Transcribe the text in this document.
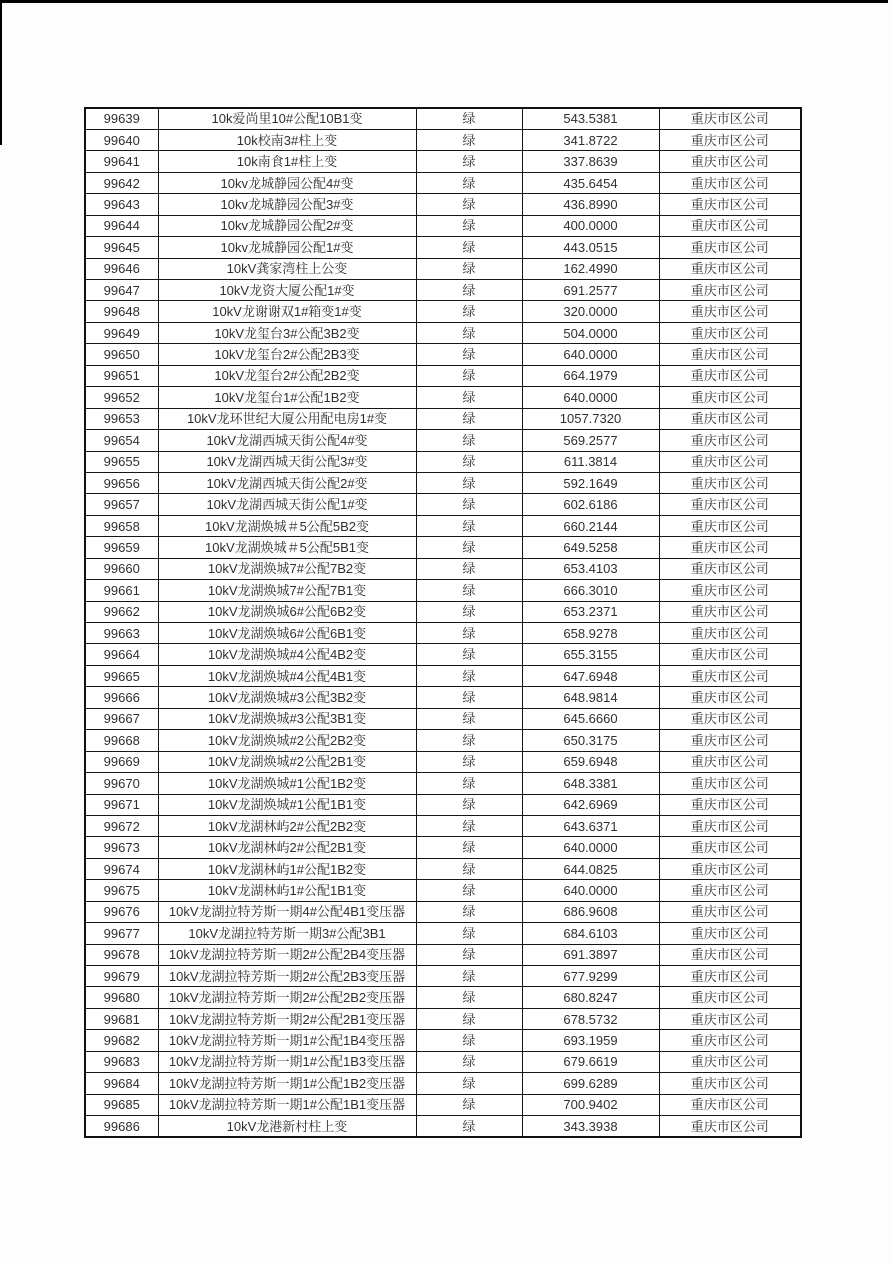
99639	10k爱尚里10#公配10B1变	绿	543.5381	重庆市区公司
99640	10k校南3#柱上变	绿	341.8722	重庆市区公司
99641	10k南食1#柱上变	绿	337.8639	重庆市区公司
99642	10kv龙城静园公配4#变	绿	435.6454	重庆市区公司
99643	10kv龙城静园公配3#变	绿	436.8990	重庆市区公司
99644	10kv龙城静园公配2#变	绿	400.0000	重庆市区公司
99645	10kv龙城静园公配1#变	绿	443.0515	重庆市区公司
99646	10kV龚家湾柱上公变	绿	162.4990	重庆市区公司
99647	10kV龙资大厦公配1#变	绿	691.2577	重庆市区公司
99648	10kV龙谢谢双1#箱变1#变	绿	320.0000	重庆市区公司
99649	10kV龙玺台3#公配3B2变	绿	504.0000	重庆市区公司
99650	10kV龙玺台2#公配2B3变	绿	640.0000	重庆市区公司
99651	10kV龙玺台2#公配2B2变	绿	664.1979	重庆市区公司
99652	10kV龙玺台1#公配1B2变	绿	640.0000	重庆市区公司
99653	10kV龙环世纪大厦公用配电房1#变	绿	1057.7320	重庆市区公司
99654	10kV龙湖西城天街公配4#变	绿	569.2577	重庆市区公司
99655	10kV龙湖西城天街公配3#变	绿	611.3814	重庆市区公司
99656	10kV龙湖西城天街公配2#变	绿	592.1649	重庆市区公司
99657	10kV龙湖西城天街公配1#变	绿	602.6186	重庆市区公司
99658	10kV龙湖焕城＃5公配5B2变	绿	660.2144	重庆市区公司
99659	10kV龙湖焕城＃5公配5B1变	绿	649.5258	重庆市区公司
99660	10kV龙湖焕城7#公配7B2变	绿	653.4103	重庆市区公司
99661	10kV龙湖焕城7#公配7B1变	绿	666.3010	重庆市区公司
99662	10kV龙湖焕城6#公配6B2变	绿	653.2371	重庆市区公司
99663	10kV龙湖焕城6#公配6B1变	绿	658.9278	重庆市区公司
99664	10kV龙湖焕城#4公配4B2变	绿	655.3155	重庆市区公司
99665	10kV龙湖焕城#4公配4B1变	绿	647.6948	重庆市区公司
99666	10kV龙湖焕城#3公配3B2变	绿	648.9814	重庆市区公司
99667	10kV龙湖焕城#3公配3B1变	绿	645.6660	重庆市区公司
99668	10kV龙湖焕城#2公配2B2变	绿	650.3175	重庆市区公司
99669	10kV龙湖焕城#2公配2B1变	绿	659.6948	重庆市区公司
99670	10kV龙湖焕城#1公配1B2变	绿	648.3381	重庆市区公司
99671	10kV龙湖焕城#1公配1B1变	绿	642.6969	重庆市区公司
99672	10kV龙湖林屿2#公配2B2变	绿	643.6371	重庆市区公司
99673	10kV龙湖林屿2#公配2B1变	绿	640.0000	重庆市区公司
99674	10kV龙湖林屿1#公配1B2变	绿	644.0825	重庆市区公司
99675	10kV龙湖林屿1#公配1B1变	绿	640.0000	重庆市区公司
99676	10kV龙湖拉特芳斯一期4#公配4B1变压器	绿	686.9608	重庆市区公司
99677	10kV龙湖拉特芳斯一期3#公配3B1	绿	684.6103	重庆市区公司
99678	10kV龙湖拉特芳斯一期2#公配2B4变压器	绿	691.3897	重庆市区公司
99679	10kV龙湖拉特芳斯一期2#公配2B3变压器	绿	677.9299	重庆市区公司
99680	10kV龙湖拉特芳斯一期2#公配2B2变压器	绿	680.8247	重庆市区公司
99681	10kV龙湖拉特芳斯一期2#公配2B1变压器	绿	678.5732	重庆市区公司
99682	10kV龙湖拉特芳斯一期1#公配1B4变压器	绿	693.1959	重庆市区公司
99683	10kV龙湖拉特芳斯一期1#公配1B3变压器	绿	679.6619	重庆市区公司
99684	10kV龙湖拉特芳斯一期1#公配1B2变压器	绿	699.6289	重庆市区公司
99685	10kV龙湖拉特芳斯一期1#公配1B1变压器	绿	700.9402	重庆市区公司
99686	10kV龙港新村柱上变	绿	343.3938	重庆市区公司
